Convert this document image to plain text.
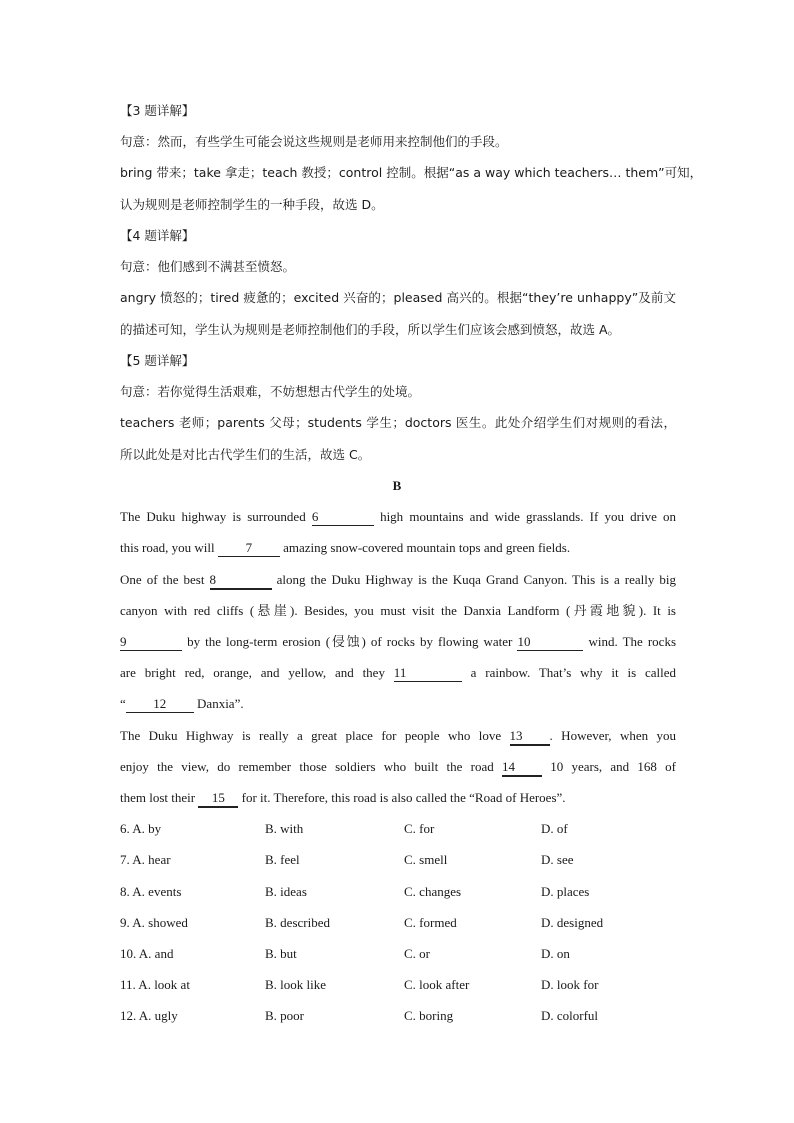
【3 题详解】
句意：然而，有些学生可能会说这些规则是老师用来控制他们的手段。
bring 带来；take 拿走；teach 教授；control 控制。根据“as a way which teachers… them”可知，
认为规则是老师控制学生的一种手段，故选 D。
【4 题详解】
句意：他们感到不满甚至愤怒。
angry 愤怒的；tired 疲惫的；excited 兴奋的；pleased 高兴的。根据“they’re unhappy”及前文
的描述可知，学生认为规则是老师控制他们的手段，所以学生们应该会感到愤怒，故选 A。
【5 题详解】
句意：若你觉得生活艰难，不妨想想古代学生的处境。
teachers 老师；parents 父母；students 学生；doctors 医生。此处介绍学生们对规则的看法，
所以此处是对比古代学生们的生活，故选 C。
B
The Duku highway is surrounded 6	high mountains and wide grasslands. If you drive on
this road, you will 7 amazing snow-covered mountain tops and green fields.
One of the best 8	along the Duku Highway is the Kuqa Grand Canyon. This is a really big
canyon with red cliffs (悬崖). Besides, you must visit the Danxia Landform (丹霞地貌). It is
9	by the long-term erosion (侵蚀) of rocks by flowing water 10	wind. The rocks
are bright red, orange, and yellow, and they 11	a rainbow. That’s why it is called
“ 12 Danxia”.
The Duku Highway is really a great place for people who love 13 . However, when you
enjoy the view, do remember those soldiers who built the road 14	10 years, and 168 of
them lost their 15 for it. Therefore, this road is also called the “Road of Heroes”.
6. A. by	B. with	C. for	D. of
7. A. hear	B. feel	C. smell	D. see
8. A. events	B. ideas	C. changes	D. places
9. A. showed	B. described	C. formed	D. designed
10. A. and	B. but	C. or	D. on
11. A. look at	B. look like	C. look after	D. look for
12. A. ugly	B. poor	C. boring	D. colorful
